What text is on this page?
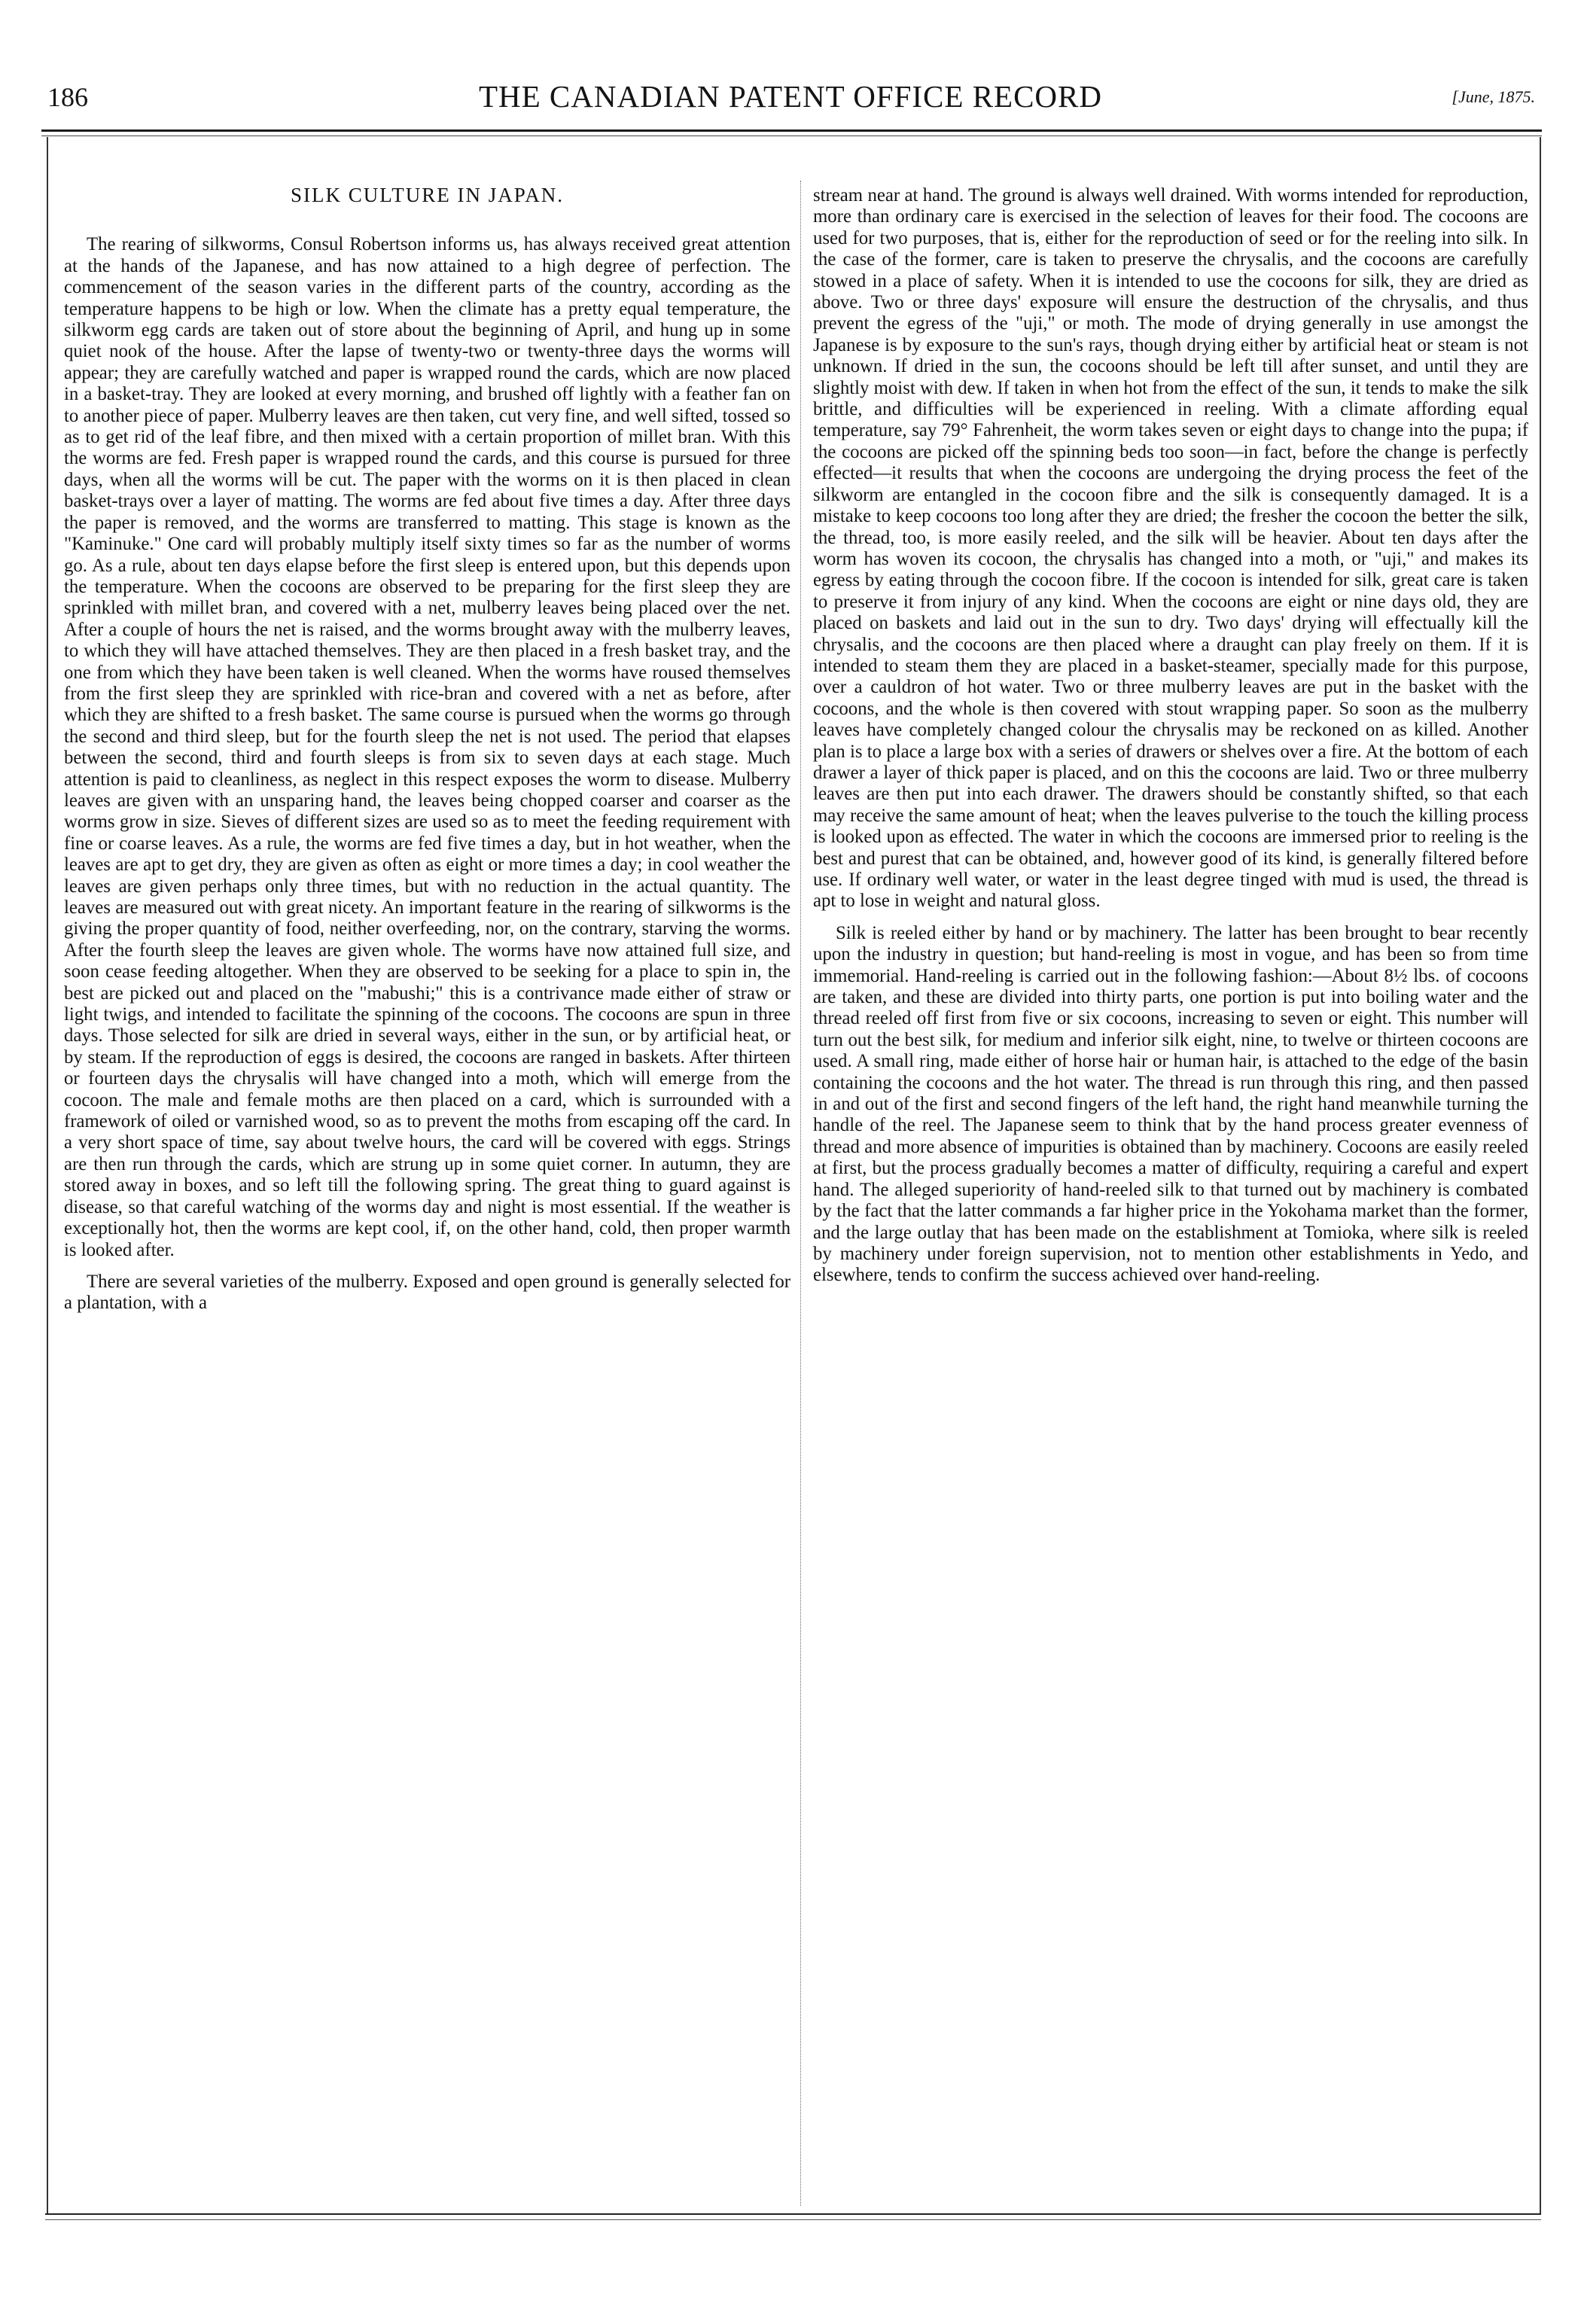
186	THE CANADIAN PATENT OFFICE RECORD	[June, 1875.
SILK CULTURE IN JAPAN.

The rearing of silkworms, Consul Robertson informs us, has always received great attention at the hands of the Japanese, and has now attained to a high degree of perfection. The commencement of the season varies in the different parts of the country, according as the temperature happens to be high or low. When the climate has a pretty equal temperature, the silkworm egg cards are taken out of store about the beginning of April, and hung up in some quiet nook of the house. After the lapse of twenty-two or twenty-three days the worms will appear; they are carefully watched and paper is wrapped round the cards, which are now placed in a basket-tray. They are looked at every morning, and brushed off lightly with a feather fan on to another piece of paper. Mulberry leaves are then taken, cut very fine, and well sifted, tossed so as to get rid of the leaf fibre, and then mixed with a certain proportion of millet bran. With this the worms are fed. Fresh paper is wrapped round the cards, and this course is pursued for three days, when all the worms will be cut. The paper with the worms on it is then placed in clean basket-trays over a layer of matting. The worms are fed about five times a day. After three days the paper is removed, and the worms are transferred to matting. This stage is known as the "Kaminuke." One card will probably multiply itself sixty times so far as the number of worms go. As a rule, about ten days elapse before the first sleep is entered upon, but this depends upon the temperature. When the cocoons are observed to be preparing for the first sleep they are sprinkled with millet bran, and covered with a net, mulberry leaves being placed over the net. After a couple of hours the net is raised, and the worms brought away with the mulberry leaves, to which they will have attached themselves. They are then placed in a fresh basket tray, and the one from which they have been taken is well cleaned. When the worms have roused themselves from the first sleep they are sprinkled with rice-bran and covered with a net as before, after which they are shifted to a fresh basket. The same course is pursued when the worms go through the second and third sleep, but for the fourth sleep the net is not used. The period that elapses between the second, third and fourth sleeps is from six to seven days at each stage. Much attention is paid to cleanliness, as neglect in this respect exposes the worm to disease. Mulberry leaves are given with an unsparing hand, the leaves being chopped coarser and coarser as the worms grow in size. Sieves of different sizes are used so as to meet the feeding requirement with fine or coarse leaves. As a rule, the worms are fed five times a day, but in hot weather, when the leaves are apt to get dry, they are given as often as eight or more times a day; in cool weather the leaves are given perhaps only three times, but with no reduction in the actual quantity. The leaves are measured out with great nicety. An important feature in the rearing of silkworms is the giving the proper quantity of food, neither overfeeding, nor, on the contrary, starving the worms. After the fourth sleep the leaves are given whole. The worms have now attained full size, and soon cease feeding altogether. When they are observed to be seeking for a place to spin in, the best are picked out and placed on the "mabushi;" this is a contrivance made either of straw or light twigs, and intended to facilitate the spinning of the cocoons. The cocoons are spun in three days. Those selected for silk are dried in several ways, either in the sun, or by artificial heat, or by steam. If the reproduction of eggs is desired, the cocoons are ranged in baskets. After thirteen or fourteen days the chrysalis will have changed into a moth, which will emerge from the cocoon. The male and female moths are then placed on a card, which is surrounded with a framework of oiled or varnished wood, so as to prevent the moths from escaping off the card. In a very short space of time, say about twelve hours, the card will be covered with eggs. Strings are then run through the cards, which are strung up in some quiet corner. In autumn, they are stored away in boxes, and so left till the following spring. The great thing to guard against is disease, so that careful watching of the worms day and night is most essential. If the weather is exceptionally hot, then the worms are kept cool, if, on the other hand, cold, then proper warmth is looked after.

There are several varieties of the mulberry. Exposed and open ground is generally selected for a plantation, with a

stream near at hand. The ground is always well drained. With worms intended for reproduction, more than ordinary care is exercised in the selection of leaves for their food. The cocoons are used for two purposes, that is, either for the reproduction of seed or for the reeling into silk. In the case of the former, care is taken to preserve the chrysalis, and the cocoons are carefully stowed in a place of safety. When it is intended to use the cocoons for silk, they are dried as above. Two or three days' exposure will ensure the destruction of the chrysalis, and thus prevent the egress of the "uji," or moth. The mode of drying generally in use amongst the Japanese is by exposure to the sun's rays, though drying either by artificial heat or steam is not unknown. If dried in the sun, the cocoons should be left till after sunset, and until they are slightly moist with dew. If taken in when hot from the effect of the sun, it tends to make the silk brittle, and difficulties will be experienced in reeling. With a climate affording equal temperature, say 79° Fahrenheit, the worm takes seven or eight days to change into the pupa; if the cocoons are picked off the spinning beds too soon—in fact, before the change is perfectly effected—it results that when the cocoons are undergoing the drying process the feet of the silkworm are entangled in the cocoon fibre and the silk is consequently damaged. It is a mistake to keep cocoons too long after they are dried; the fresher the cocoon the better the silk, the thread, too, is more easily reeled, and the silk will be heavier. About ten days after the worm has woven its cocoon, the chrysalis has changed into a moth, or "uji," and makes its egress by eating through the cocoon fibre. If the cocoon is intended for silk, great care is taken to preserve it from injury of any kind. When the cocoons are eight or nine days old, they are placed on baskets and laid out in the sun to dry. Two days' drying will effectually kill the chrysalis, and the cocoons are then placed where a draught can play freely on them. If it is intended to steam them they are placed in a basket-steamer, specially made for this purpose, over a cauldron of hot water. Two or three mulberry leaves are put in the basket with the cocoons, and the whole is then covered with stout wrapping paper. So soon as the mulberry leaves have completely changed colour the chrysalis may be reckoned on as killed. Another plan is to place a large box with a series of drawers or shelves over a fire. At the bottom of each drawer a layer of thick paper is placed, and on this the cocoons are laid. Two or three mulberry leaves are then put into each drawer. The drawers should be constantly shifted, so that each may receive the same amount of heat; when the leaves pulverise to the touch the killing process is looked upon as effected. The water in which the cocoons are immersed prior to reeling is the best and purest that can be obtained, and, however good of its kind, is generally filtered before use. If ordinary well water, or water in the least degree tinged with mud is used, the thread is apt to lose in weight and natural gloss.

Silk is reeled either by hand or by machinery. The latter has been brought to bear recently upon the industry in question; but hand-reeling is most in vogue, and has been so from time immemorial. Hand-reeling is carried out in the following fashion:—About 8½ lbs. of cocoons are taken, and these are divided into thirty parts, one portion is put into boiling water and the thread reeled off first from five or six cocoons, increasing to seven or eight. This number will turn out the best silk, for medium and inferior silk eight, nine, to twelve or thirteen cocoons are used. A small ring, made either of horse hair or human hair, is attached to the edge of the basin containing the cocoons and the hot water. The thread is run through this ring, and then passed in and out of the first and second fingers of the left hand, the right hand meanwhile turning the handle of the reel. The Japanese seem to think that by the hand process greater evenness of thread and more absence of impurities is obtained than by machinery. Cocoons are easily reeled at first, but the process gradually becomes a matter of difficulty, requiring a careful and expert hand. The alleged superiority of hand-reeled silk to that turned out by machinery is combated by the fact that the latter commands a far higher price in the Yokohama market than the former, and the large outlay that has been made on the establishment at Tomioka, where silk is reeled by machinery under foreign supervision, not to mention other establishments in Yedo, and elsewhere, tends to confirm the success achieved over hand-reeling.
